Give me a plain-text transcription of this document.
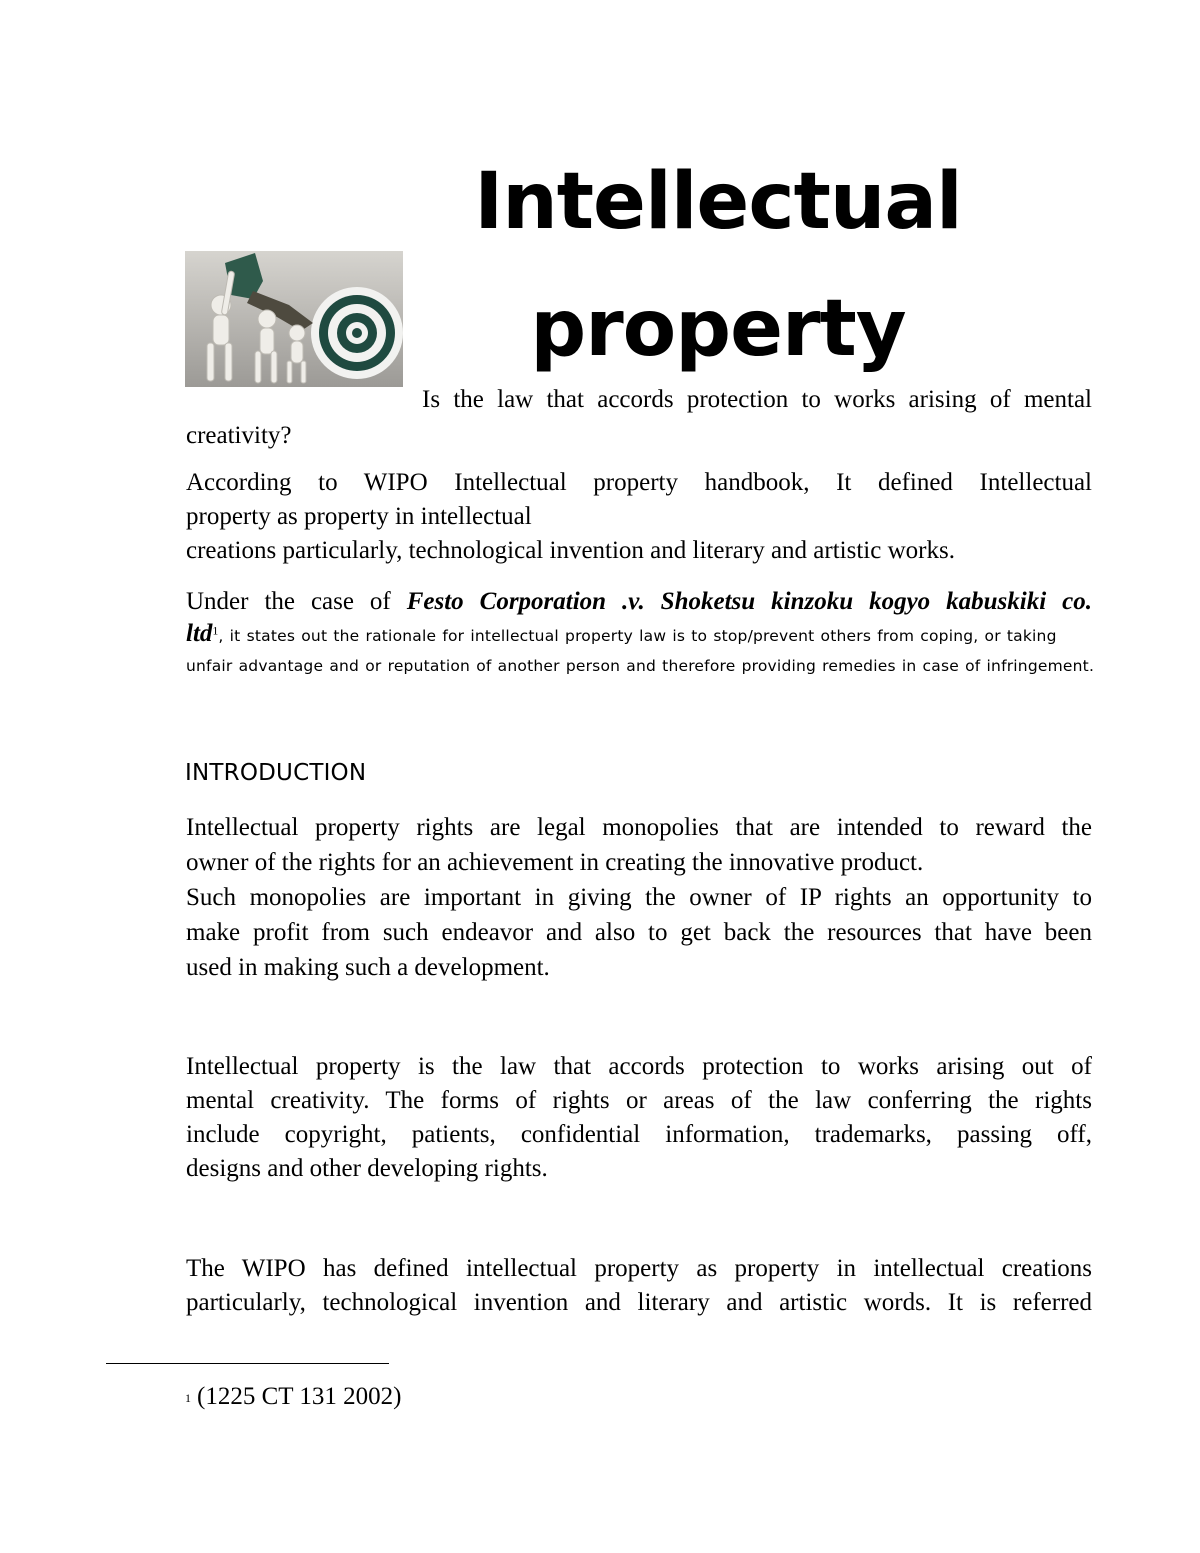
Intellectual
property
Is the law that accords protection to works arising of mental
creativity?
According to WIPO Intellectual property handbook, It defined Intellectual
property as property in intellectual
creations particularly, technological invention and literary and artistic works.
Under the case of Festo Corporation .v. Shoketsu kinzoku kogyo kabuskiki co.
ltd$^1$, it states out the rationale for intellectual property law is to stop/prevent others from coping, or taking
unfair advantage and or reputation of another person and therefore providing remedies in case of infringement.
INTRODUCTION
Intellectual property rights are legal monopolies that are intended to reward the
owner of the rights for an achievement in creating the innovative product.
Such monopolies are important in giving the owner of IP rights an opportunity to
make profit from such endeavor and also to get back the resources that have been
used in making such a development.
Intellectual property is the law that accords protection to works arising out of
mental creativity. The forms of rights or areas of the law conferring the rights
include copyright, patients, confidential information, trademarks, passing off,
designs and other developing rights.
The WIPO has defined intellectual property as property in intellectual creations
particularly, technological invention and literary and artistic words. It is referred
1 (1225 CT 131 2002)
